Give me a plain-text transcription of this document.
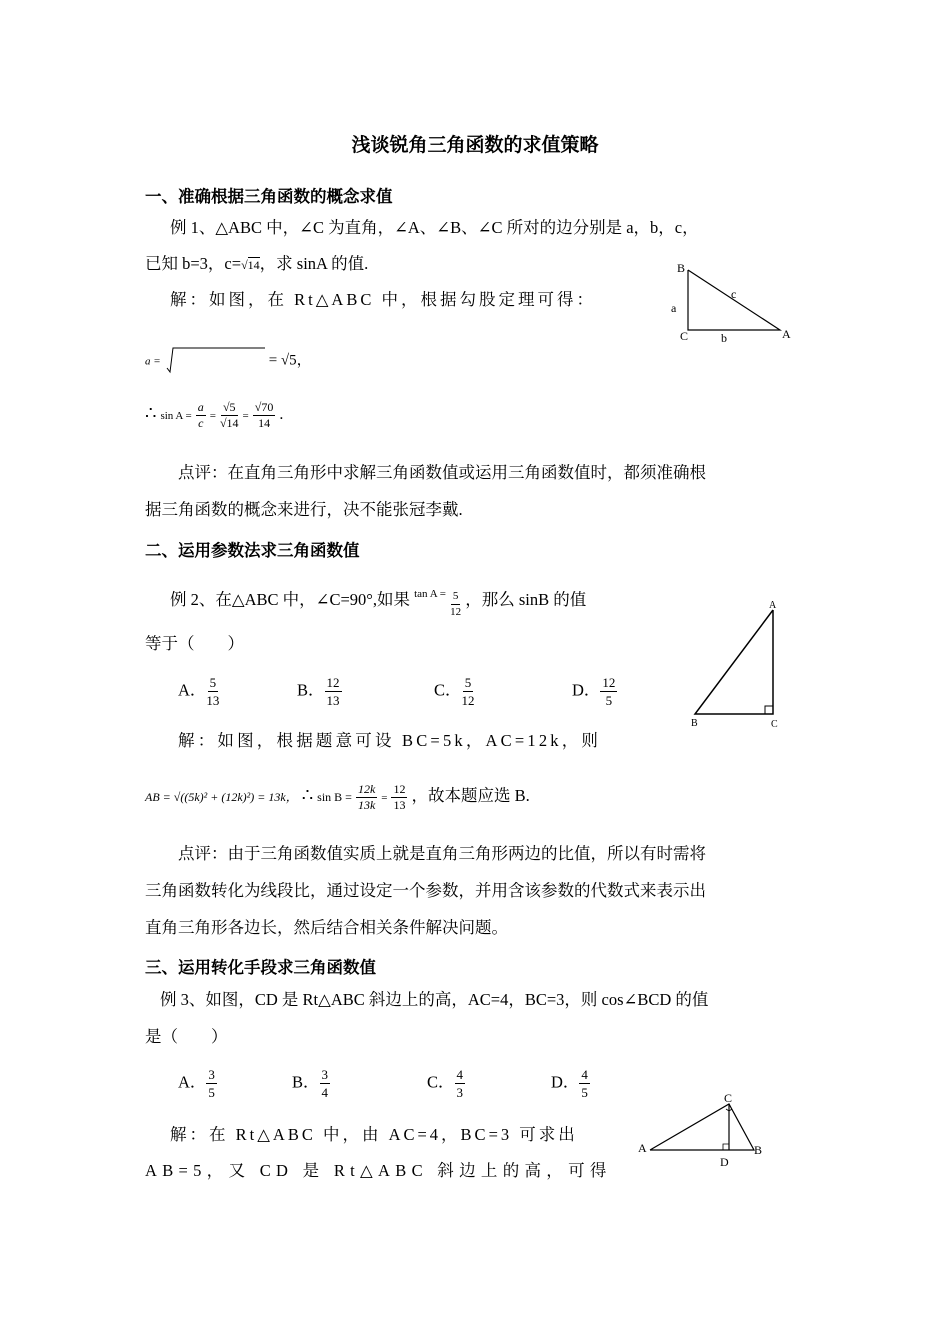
浅谈锐角三角函数的求值策略
一、准确根据三角函数的概念求值
例 1、△ABC 中，∠C 为直角，∠A、∠B、∠C 所对的边分别是 a，b，c，
已知 b=3，c=√14，求 sinA 的值.
解：如图，在 Rt△ABC 中，根据勾股定理可得：
B
c
a
C	b	A
a =	= √5，
∴ $\sin A = \frac{a}{c} = \frac{√5}{√14} = \frac{√70}{14}$ .
点评：在直角三角形中求解三角函数值或运用三角函数值时，都须准确根
据三角函数的概念来进行，决不能张冠李戴.
二、运用参数法求三角函数值
例 2、在△ABC 中，∠C=90°,如果 $^{tan A =} \frac{5}{12}$ ，那么 sinB 的值
等于（　　）
A． $\frac{5}{13}$	B． $\frac{12}{13}$	C． $\frac{5}{12}$	D． $\frac{12}{5}$
A
B	C
解：如图，根据题意可设 BC=5k，AC=12k，则
AB = √((5k)² + (12k)²) = 13k， ∴ $\sin B = \frac{12k}{13k} = \frac{12}{13}$ ，故本题应选 B.
点评：由于三角函数值实质上就是直角三角形两边的比值，所以有时需将
三角函数转化为线段比，通过设定一个参数，并用含该参数的代数式来表示出
直角三角形各边长，然后结合相关条件解决问题。
三、运用转化手段求三角函数值
例 3、如图，CD 是 Rt△ABC 斜边上的高，AC=4，BC=3，则 cos∠BCD 的值
是（　　）
A． $\frac{3}{5}$	B． $\frac{3}{4}$	C． $\frac{4}{3}$	D． $\frac{4}{5}$	C
A	B
D
解：在 Rt△ABC 中，由 AC=4，BC=3 可求出
AB=5，又 CD 是 Rt△ABC 斜边上的高，可得
